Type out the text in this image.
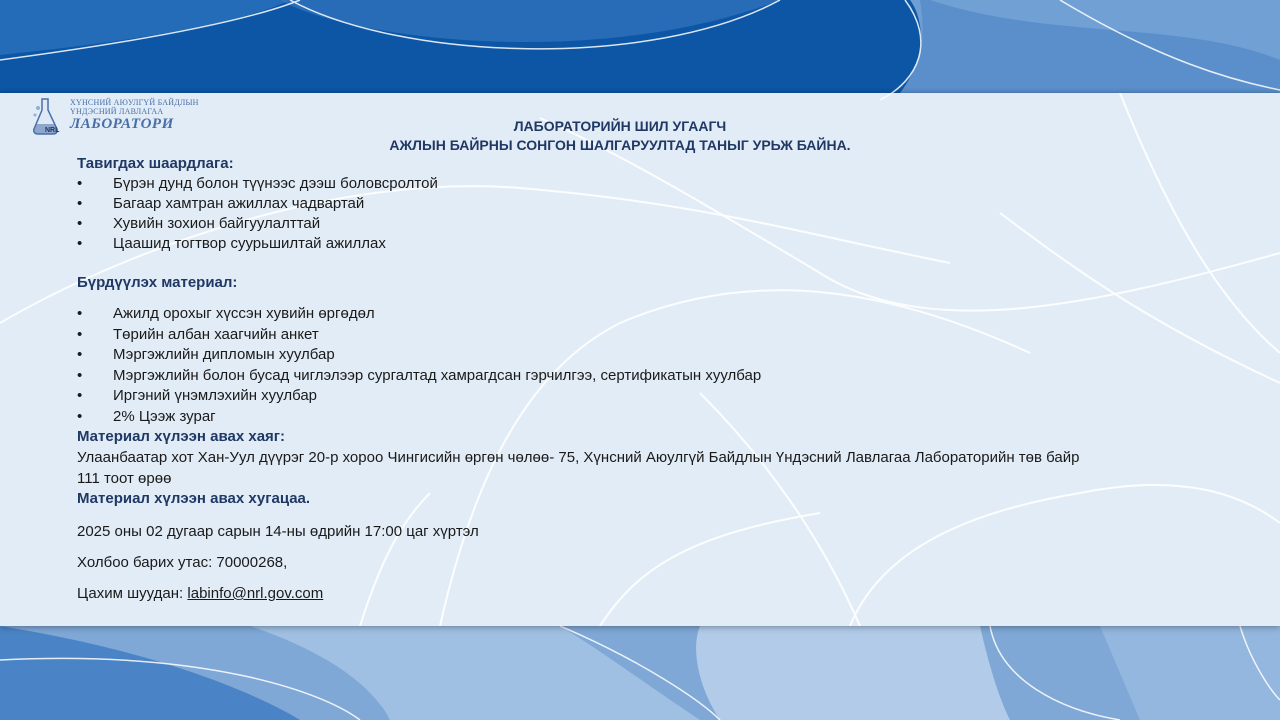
NRL
ХҮНСНИЙ АЮУЛГҮЙ БАЙДЛЫН
ҮНДЭСНИЙ ЛАВЛАГАА
ЛАБОРАТОРИ	ЛАБОРАТОРИЙН ШИЛ УГААГЧ
АЖЛЫН БАЙРНЫ СОНГОН ШАЛГАРУУЛТАД ТАНЫГ УРЬЖ БАЙНА.
Тавигдах шаардлага:
• Бүрэн дунд болон түүнээс дээш боловсролтой
• Багаар хамтран ажиллах чадвартай
• Хувийн зохион байгуулалттай
• Цаашид тогтвор суурьшилтай ажиллах
Бүрдүүлэх материал:
• Ажилд орохыг хүссэн хувийн өргөдөл
• Төрийн албан хаагчийн анкет
• Мэргэжлийн дипломын хуулбар
• Мэргэжлийн болон бусад чиглэлээр сургалтад хамрагдсан гэрчилгээ, сертификатын хуулбар
• Иргэний үнэмлэхийн хуулбар
• 2% Цээж зураг
Материал хүлээн авах хаяг:
Улаанбаатар хот Хан-Уул дүүрэг 20-р хороо Чингисийн өргөн чөлөө- 75, Хүнсний Аюулгүй Байдлын Үндэсний Лавлагаа Лабораторийн төв байр
111 тоот өрөө
Материал хүлээн авах хугацаа.
2025 оны 02 дугаар сарын 14-ны өдрийн 17:00 цаг хүртэл
Холбоо барих утас: 70000268,
Цахим шуудан: labinfo@nrl.gov.com
